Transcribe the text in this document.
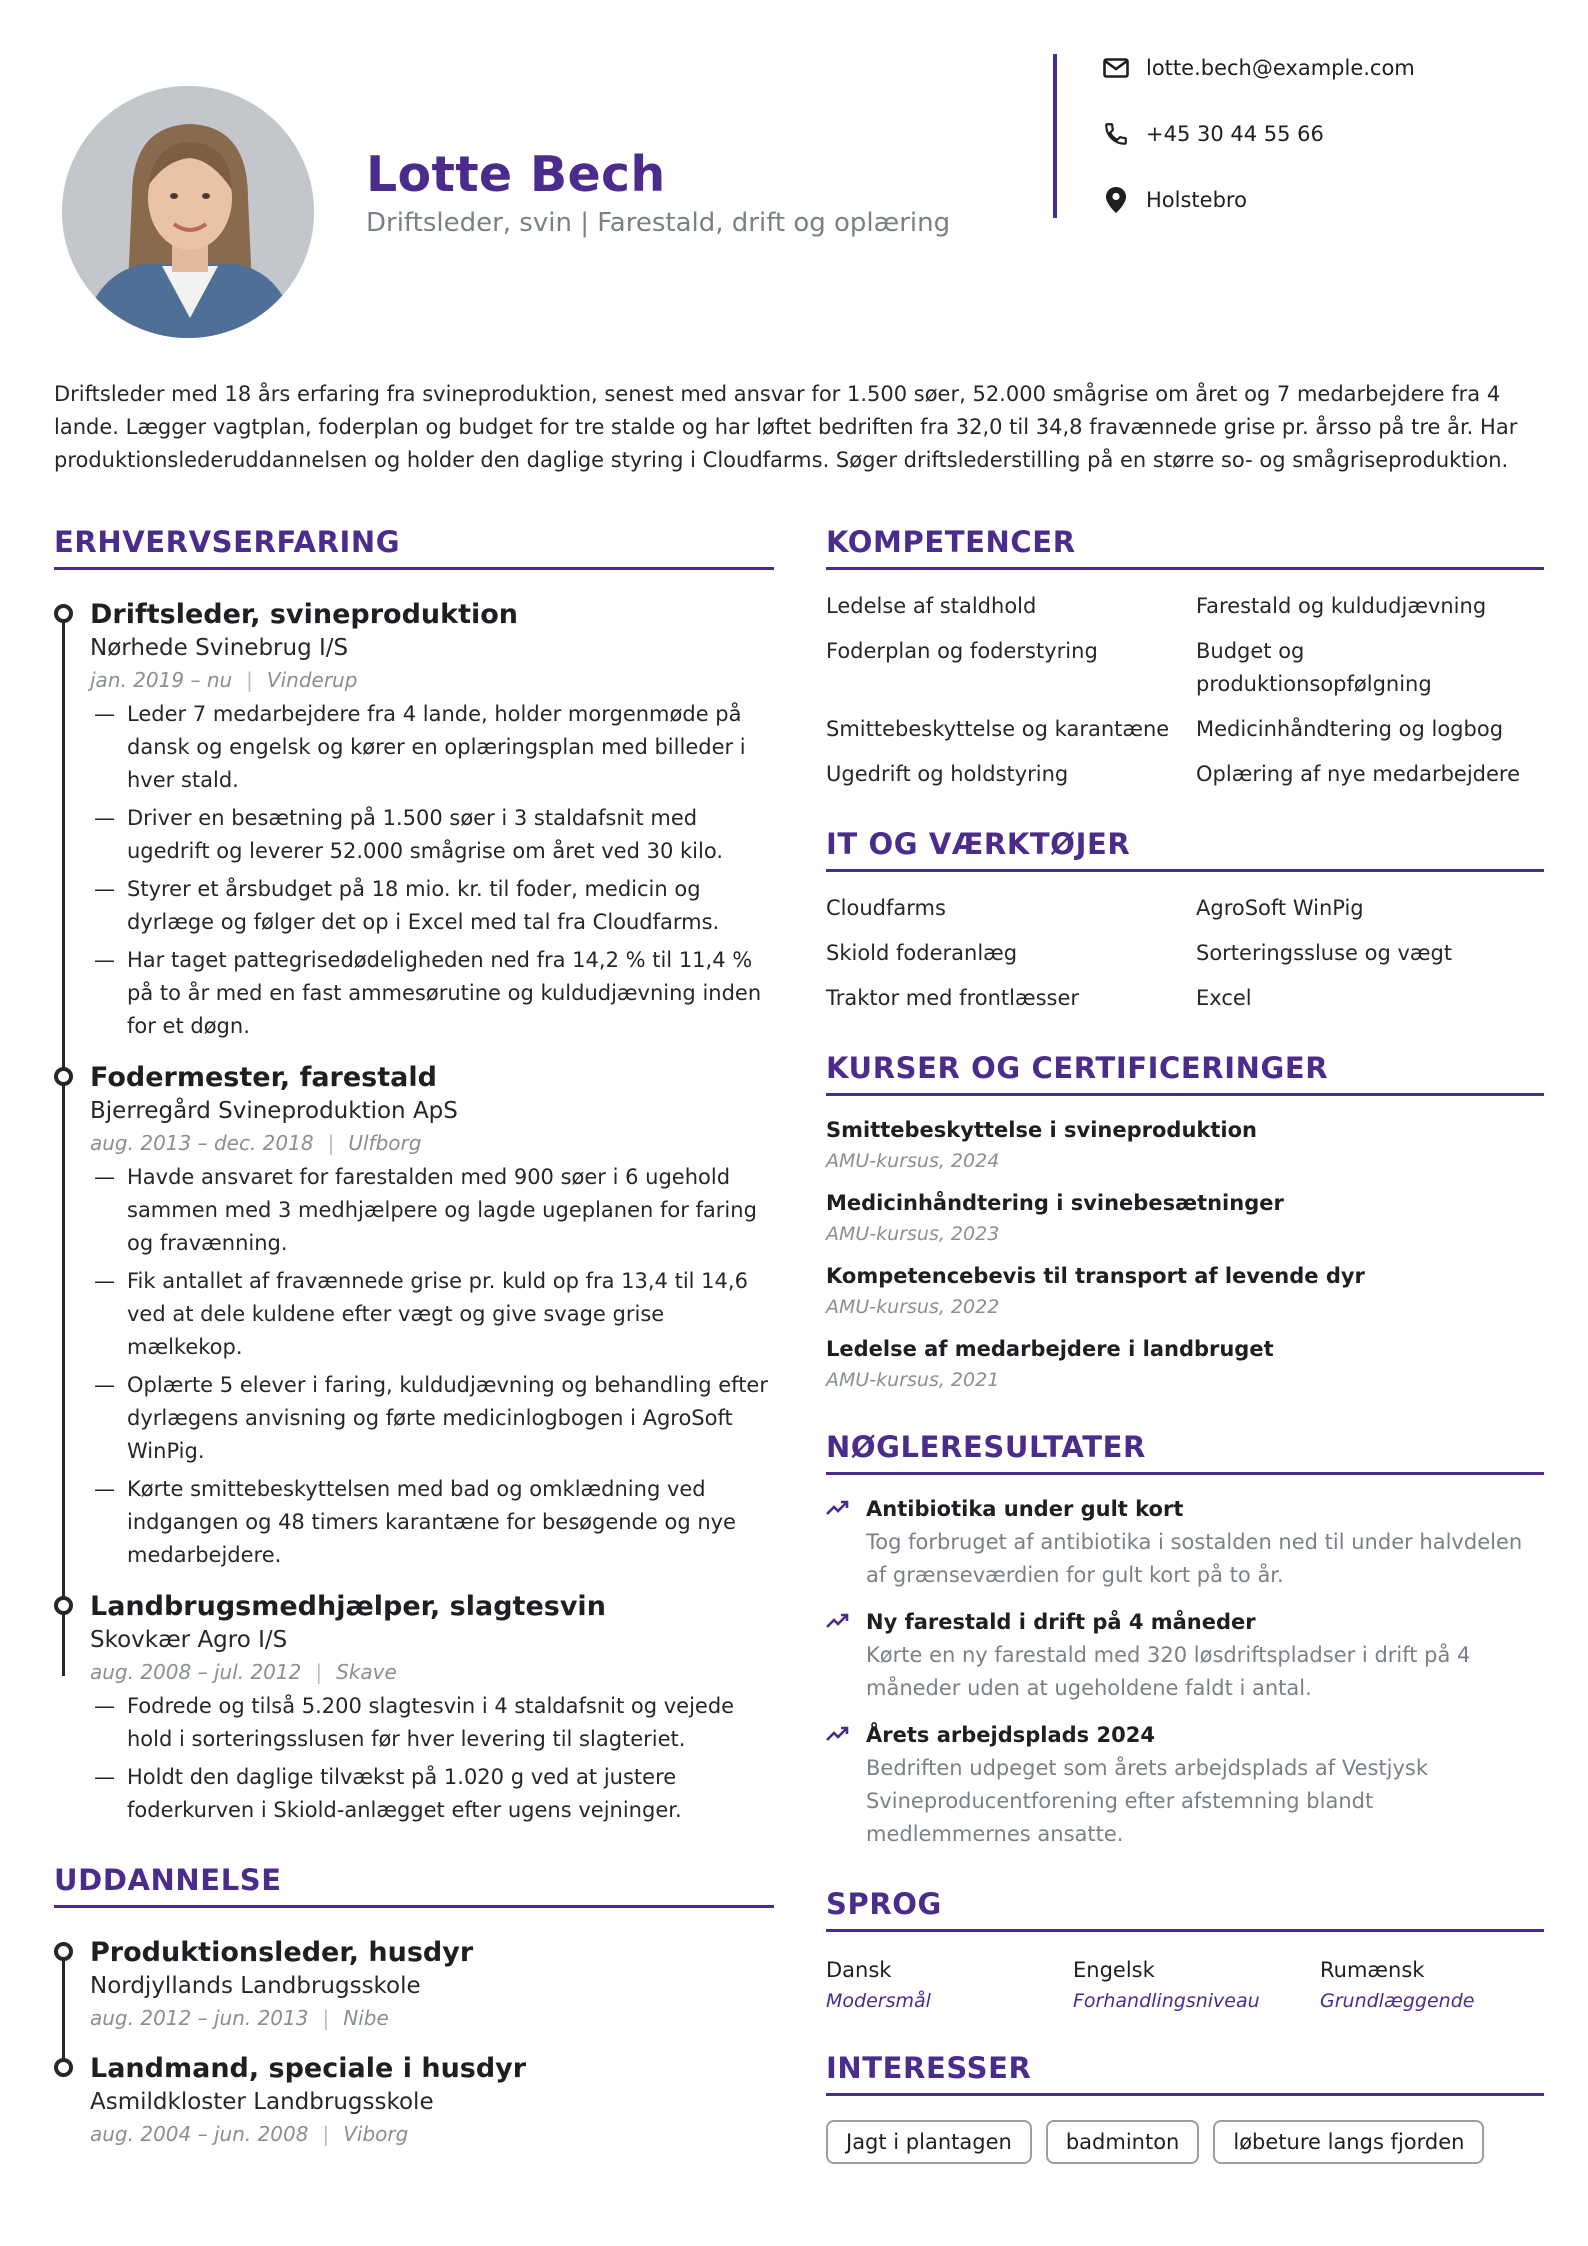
Lotte Bech
Driftsleder, svin | Farestald, drift og oplæring
lotte.bech@example.com
+45 30 44 55 66
Holstebro

Driftsleder med 18 års erfaring fra svineproduktion, senest med ansvar for 1.500 søer, 52.000 smågrise om året og 7 medarbejdere fra 4 lande. Lægger vagtplan, foderplan og budget for tre stalde og har løftet bedriften fra 32,0 til 34,8 fravænnede grise pr. årsso på tre år. Har produktionslederuddannelsen og holder den daglige styring i Cloudfarms. Søger driftslederstilling på en større so- og smågriseproduktion.

ERHVERVSERFARING
Driftsleder, svineproduktion
Nørhede Svinebrug I/S
jan. 2019 – nu | Vinderup
— Leder 7 medarbejdere fra 4 lande, holder morgenmøde på dansk og engelsk og kører en oplæringsplan med billeder i hver stald.
— Driver en besætning på 1.500 søer i 3 staldafsnit med ugedrift og leverer 52.000 smågrise om året ved 30 kilo.
— Styrer et årsbudget på 18 mio. kr. til foder, medicin og dyrlæge og følger det op i Excel med tal fra Cloudfarms.
— Har taget pattegrisedødeligheden ned fra 14,2 % til 11,4 % på to år med en fast ammesørutine og kuldudjævning inden for et døgn.
Fodermester, farestald
Bjerregård Svineproduktion ApS
aug. 2013 – dec. 2018 | Ulfborg
— Havde ansvaret for farestalden med 900 søer i 6 ugehold sammen med 3 medhjælpere og lagde ugeplanen for faring og fravænning.
— Fik antallet af fravænnede grise pr. kuld op fra 13,4 til 14,6 ved at dele kuldene efter vægt og give svage grise mælkekop.
— Oplærte 5 elever i faring, kuldudjævning og behandling efter dyrlægens anvisning og førte medicinlogbogen i AgroSoft WinPig.
— Kørte smittebeskyttelsen med bad og omklædning ved indgangen og 48 timers karantæne for besøgende og nye medarbejdere.
Landbrugsmedhjælper, slagtesvin
Skovkær Agro I/S
aug. 2008 – jul. 2012 | Skave
— Fodrede og tilså 5.200 slagtesvin i 4 staldafsnit og vejede hold i sorteringsslusen før hver levering til slagteriet.
— Holdt den daglige tilvækst på 1.020 g ved at justere foderkurven i Skiold-anlægget efter ugens vejninger.
UDDANNELSE
Produktionsleder, husdyr
Nordjyllands Landbrugsskole
aug. 2012 – jun. 2013 | Nibe
Landmand, speciale i husdyr
Asmildkloster Landbrugsskole
aug. 2004 – jun. 2008 | Viborg
KOMPETENCER
Ledelse af staldhold	Farestald og kuldudjævning
Foderplan og foderstyring	Budget og produktionsopfølgning
Smittebeskyttelse og karantæne	Medicinhåndtering og logbog
Ugedrift og holdstyring	Oplæring af nye medarbejdere
IT OG VÆRKTØJER
Cloudfarms	AgroSoft WinPig
Skiold foderanlæg	Sorteringssluse og vægt
Traktor med frontlæsser	Excel
KURSER OG CERTIFICERINGER
Smittebeskyttelse i svineproduktion
AMU-kursus, 2024
Medicinhåndtering i svinebesætninger
AMU-kursus, 2023
Kompetencebevis til transport af levende dyr
AMU-kursus, 2022
Ledelse af medarbejdere i landbruget
AMU-kursus, 2021
NØGLERESULTATER
Antibiotika under gult kort
Tog forbruget af antibiotika i sostalden ned til under halvdelen af grænseværdien for gult kort på to år.
Ny farestald i drift på 4 måneder
Kørte en ny farestald med 320 løsdriftspladser i drift på 4 måneder uden at ugeholdene faldt i antal.
Årets arbejdsplads 2024
Bedriften udpeget som årets arbejdsplads af Vestjysk Svineproducentforening efter afstemning blandt medlemmernes ansatte.
SPROG
Dansk
Modersmål
Engelsk
Forhandlingsniveau
Rumænsk
Grundlæggende
INTERESSER
Jagt i plantagen	badminton	løbeture langs fjorden
